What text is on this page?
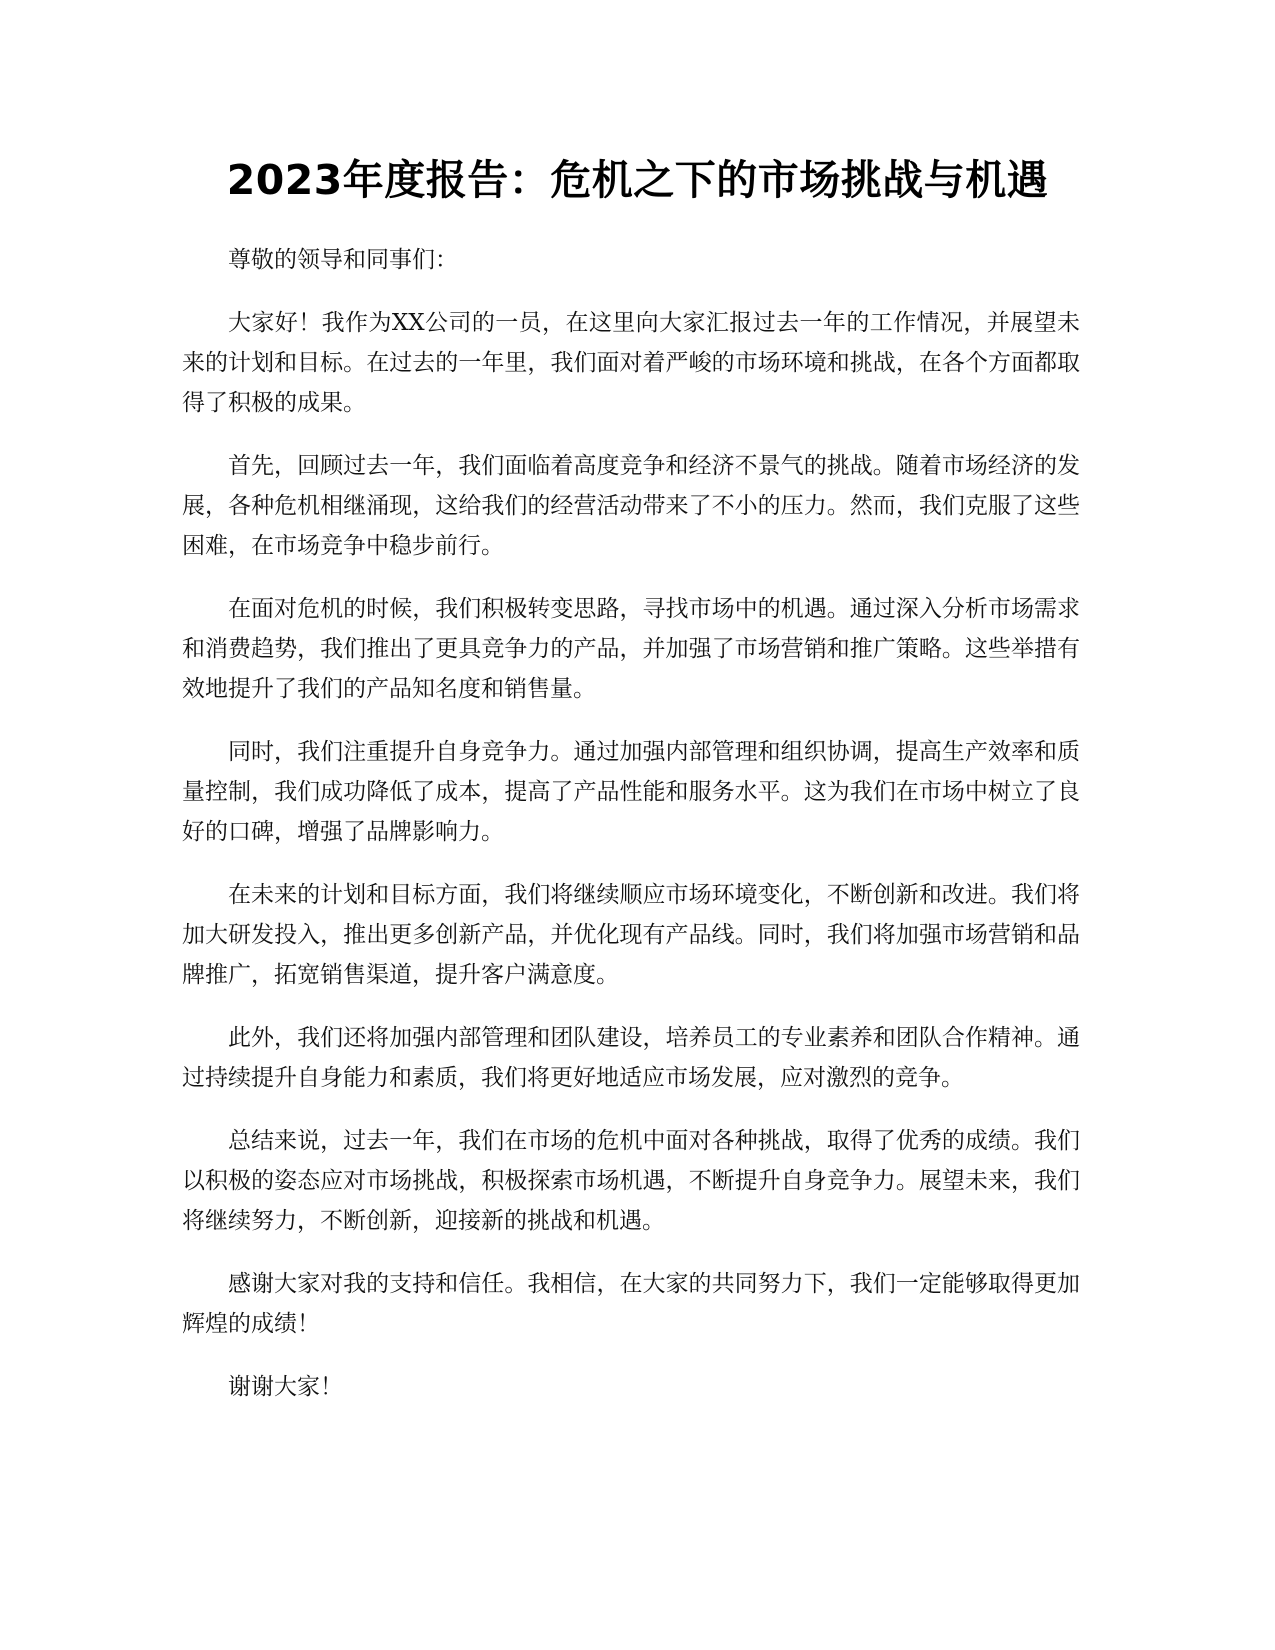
2023年度报告：危机之下的市场挑战与机遇

尊敬的领导和同事们：

大家好！我作为XX公司的一员，在这里向大家汇报过去一年的工作情况，并展望未来的计划和目标。在过去的一年里，我们面对着严峻的市场环境和挑战，在各个方面都取得了积极的成果。

首先，回顾过去一年，我们面临着高度竞争和经济不景气的挑战。随着市场经济的发展，各种危机相继涌现，这给我们的经营活动带来了不小的压力。然而，我们克服了这些困难，在市场竞争中稳步前行。

在面对危机的时候，我们积极转变思路，寻找市场中的机遇。通过深入分析市场需求和消费趋势，我们推出了更具竞争力的产品，并加强了市场营销和推广策略。这些举措有效地提升了我们的产品知名度和销售量。

同时，我们注重提升自身竞争力。通过加强内部管理和组织协调，提高生产效率和质量控制，我们成功降低了成本，提高了产品性能和服务水平。这为我们在市场中树立了良好的口碑，增强了品牌影响力。

在未来的计划和目标方面，我们将继续顺应市场环境变化，不断创新和改进。我们将加大研发投入，推出更多创新产品，并优化现有产品线。同时，我们将加强市场营销和品牌推广，拓宽销售渠道，提升客户满意度。

此外，我们还将加强内部管理和团队建设，培养员工的专业素养和团队合作精神。通过持续提升自身能力和素质，我们将更好地适应市场发展，应对激烈的竞争。

总结来说，过去一年，我们在市场的危机中面对各种挑战，取得了优秀的成绩。我们以积极的姿态应对市场挑战，积极探索市场机遇，不断提升自身竞争力。展望未来，我们将继续努力，不断创新，迎接新的挑战和机遇。

感谢大家对我的支持和信任。我相信，在大家的共同努力下，我们一定能够取得更加辉煌的成绩！

谢谢大家！
